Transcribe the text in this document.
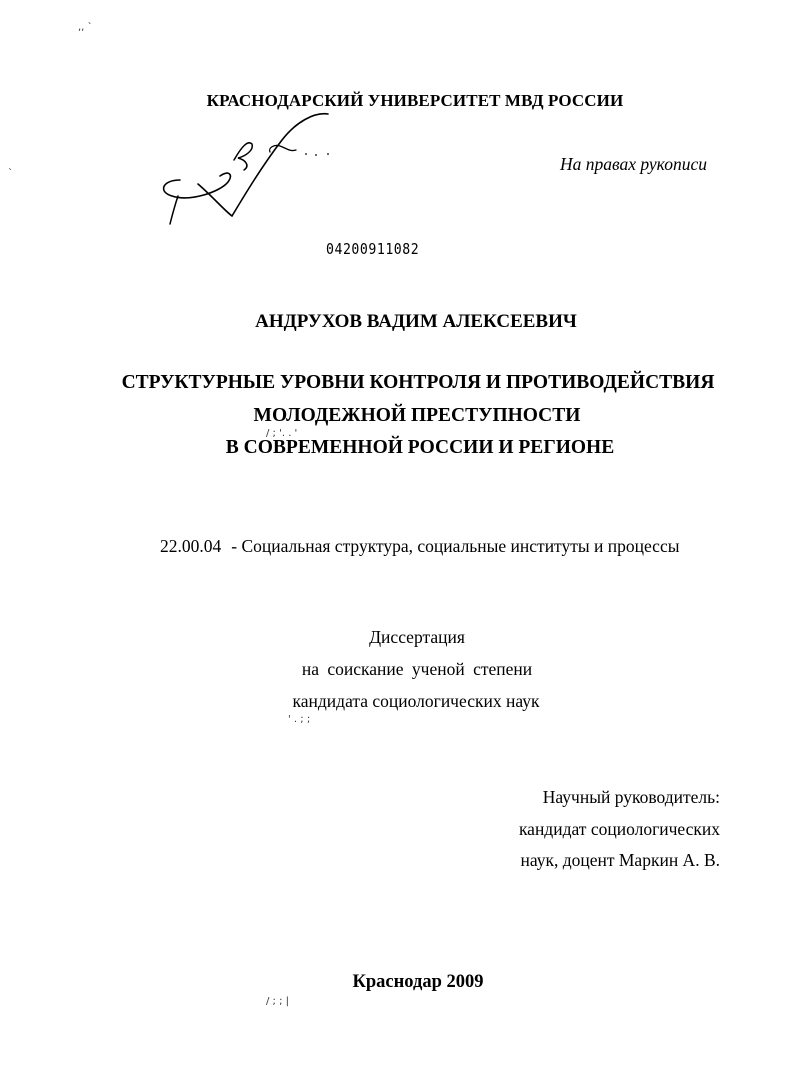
,, `
`
КРАСНОДАРСКИЙ УНИВЕРСИТЕТ МВД РОССИИ
На правах рукописи
04200911082
АНДРУХОВ ВАДИМ АЛЕКСЕЕВИЧ
СТРУКТУРНЫЕ УРОВНИ КОНТРОЛЯ И ПРОТИВОДЕЙСТВИЯ
МОЛОДЕЖНОЙ ПРЕСТУПНОСТИ
/ ; '. . '
В СОВРЕМЕННОЙ РОССИИ И РЕГИОНЕ
22.00.04 - Социальная структура, социальные институты и процессы
Диссертация
на соискание ученой степени
кандидата социологических наук
' . ; ;
Научный руководитель:
кандидат социологических
наук, доцент Маркин А. В.
Краснодар 2009
/ ; ; |
